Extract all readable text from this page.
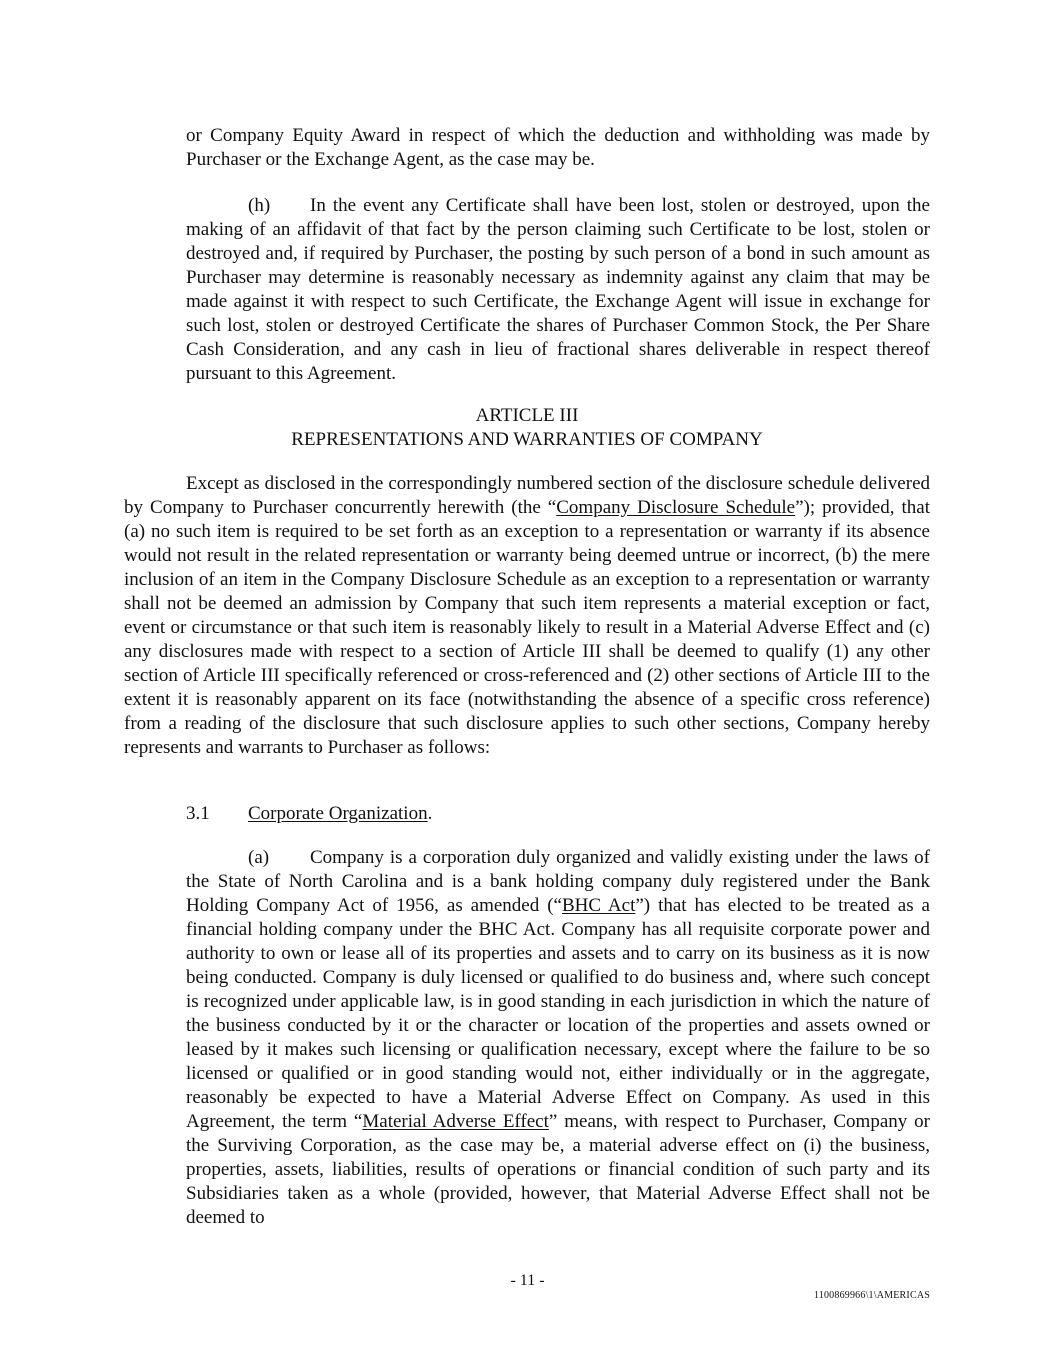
or Company Equity Award in respect of which the deduction and withholding was made by Purchaser or the Exchange Agent, as the case may be.

(h) In the event any Certificate shall have been lost, stolen or destroyed, upon the making of an affidavit of that fact by the person claiming such Certificate to be lost, stolen or destroyed and, if required by Purchaser, the posting by such person of a bond in such amount as Purchaser may determine is reasonably necessary as indemnity against any claim that may be made against it with respect to such Certificate, the Exchange Agent will issue in exchange for such lost, stolen or destroyed Certificate the shares of Purchaser Common Stock, the Per Share Cash Consideration, and any cash in lieu of fractional shares deliverable in respect thereof pursuant to this Agreement.

ARTICLE III

REPRESENTATIONS AND WARRANTIES OF COMPANY

Except as disclosed in the correspondingly numbered section of the disclosure schedule delivered by Company to Purchaser concurrently herewith (the “Company Disclosure Schedule”); provided, that (a) no such item is required to be set forth as an exception to a representation or warranty if its absence would not result in the related representation or warranty being deemed untrue or incorrect, (b) the mere inclusion of an item in the Company Disclosure Schedule as an exception to a representation or warranty shall not be deemed an admission by Company that such item represents a material exception or fact, event or circumstance or that such item is reasonably likely to result in a Material Adverse Effect and (c) any disclosures made with respect to a section of Article III shall be deemed to qualify (1) any other section of Article III specifically referenced or cross-referenced and (2) other sections of Article III to the extent it is reasonably apparent on its face (notwithstanding the absence of a specific cross reference) from a reading of the disclosure that such disclosure applies to such other sections, Company hereby represents and warrants to Purchaser as follows:

3.1 Corporate Organization.

(a) Company is a corporation duly organized and validly existing under the laws of the State of North Carolina and is a bank holding company duly registered under the Bank Holding Company Act of 1956, as amended (“BHC Act”) that has elected to be treated as a financial holding company under the BHC Act. Company has all requisite corporate power and authority to own or lease all of its properties and assets and to carry on its business as it is now being conducted. Company is duly licensed or qualified to do business and, where such concept is recognized under applicable law, is in good standing in each jurisdiction in which the nature of the business conducted by it or the character or location of the properties and assets owned or leased by it makes such licensing or qualification necessary, except where the failure to be so licensed or qualified or in good standing would not, either individually or in the aggregate, reasonably be expected to have a Material Adverse Effect on Company. As used in this Agreement, the term “Material Adverse Effect” means, with respect to Purchaser, Company or the Surviving Corporation, as the case may be, a material adverse effect on (i) the business, properties, assets, liabilities, results of operations or financial condition of such party and its Subsidiaries taken as a whole (provided, however, that Material Adverse Effect shall not be deemed to

- 11 -
1100869966\1\AMERICAS
